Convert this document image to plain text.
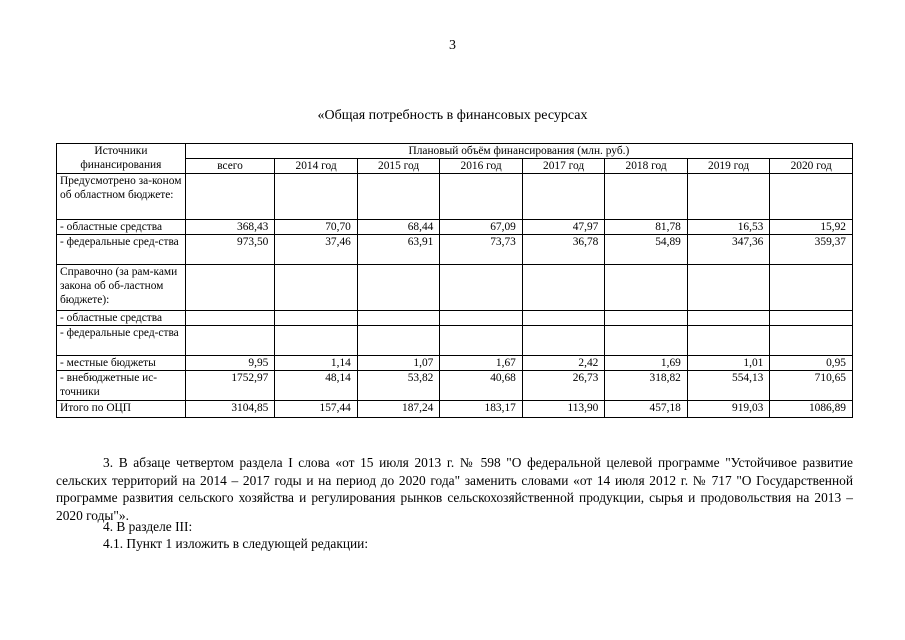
3
«Общая потребность в финансовых ресурсах
Источники финансирования	Плановый объём финансирования (млн. руб.)							
	всего	2014 год	2015 год	2016 год	2017 год	2018 год	2019 год	2020 год
Предусмотрено за-коном об областном бюджете:								
- областные средства	368,43	70,70	68,44	67,09	47,97	81,78	16,53	15,92
- федеральные сред-ства	973,50	37,46	63,91	73,73	36,78	54,89	347,36	359,37
Справочно (за рам-ками закона об об-ластном бюджете):								
- областные средства								
- федеральные сред-ства								
- местные бюджеты	9,95	1,14	1,07	1,67	2,42	1,69	1,01	0,95
- внебюджетные ис-точники	1752,97	48,14	53,82	40,68	26,73	318,82	554,13	710,65
Итого по ОЦП	3104,85	157,44	187,24	183,17	113,90	457,18	919,03	1086,89
3. В абзаце четвертом раздела I слова «от 15 июля 2013 г. № 598 "О федеральной целевой программе "Устойчивое развитие сельских территорий на 2014 – 2017 годы и на период до 2020 года" заменить словами «от 14 июля 2012 г. № 717 "О Государственной программе развития сельского хозяйства и регулирования рынков сельскохозяйственной продукции, сырья и продовольствия на 2013 – 2020 годы"».
4. В разделе III:
4.1. Пункт 1 изложить в следующей редакции:
